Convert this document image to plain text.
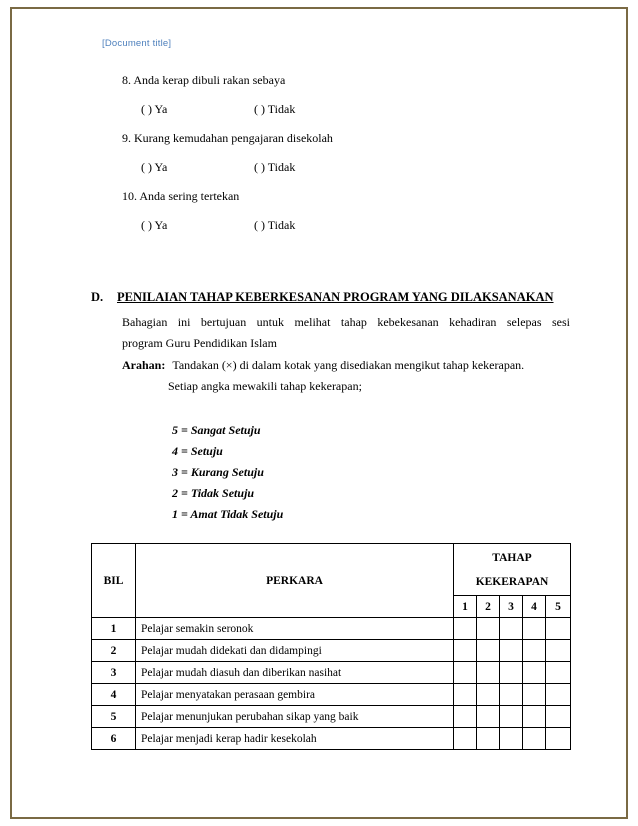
[Document title]
8. Anda kerap dibuli rakan sebaya
( ) Ya	( ) Tidak
9. Kurang kemudahan pengajaran disekolah
( ) Ya	( ) Tidak
10. Anda sering tertekan
( ) Ya	( ) Tidak
D. PENILAIAN TAHAP KEBERKESANAN PROGRAM YANG DILAKSANAKAN
Bahagian ini bertujuan untuk melihat tahap kebekesanan kehadiran selepas sesi
program Guru Pendidikan Islam
Arahan: Tandakan (×) di dalam kotak yang disediakan mengikut tahap kekerapan.
Setiap angka mewakili tahap kekerapan;
5 = Sangat Setuju
4 = Setuju
3 = Kurang Setuju
2 = Tidak Setuju
1 = Amat Tidak Setuju
BIL	PERKARA	TAHAP
KEKERAPAN				

		1	2	3	4	5
1	Pelajar semakin seronok					
2	Pelajar mudah didekati dan didampingi					
3	Pelajar mudah diasuh dan diberikan nasihat					
4	Pelajar menyatakan perasaan gembira					
5	Pelajar menunjukan perubahan sikap yang baik					
6	Pelajar menjadi kerap hadir kesekolah					
